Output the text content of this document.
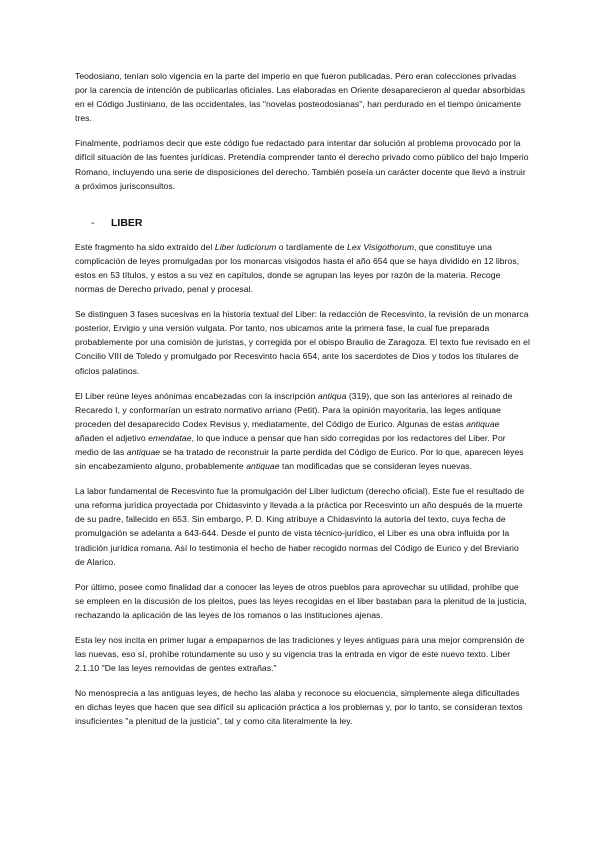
Teodosiano, tenían solo vigencia en la parte del imperio en que fueron publicadas. Pero eran colecciones privadas por la carencia de intención de publicarlas oficiales. Las elaboradas en Oriente desaparecieron al quedar absorbidas en el Código Justiniano, de las occidentales, las "novelas posteodosianas", han perdurado en el tiempo únicamente tres.

Finalmente, podríamos decir que este código fue redactado para intentar dar solución al problema provocado por la difícil situación de las fuentes jurídicas. Pretendía comprender tanto el derecho privado como público del bajo Imperio Romano, incluyendo una serie de disposiciones del derecho. También poseía un carácter docente que llevó a instruir a próximos jurisconsultos.

-	LIBER

Este fragmento ha sido extraído del Liber ludiciorum o tardíamente de Lex Visigothorum, que constituye una complicación de leyes promulgadas por los monarcas visigodos hasta el año 654 que se haya dividido en 12 libros, estos en 53 títulos, y estos a su vez en capítulos, donde se agrupan las leyes por razón de la materia. Recoge normas de Derecho privado, penal y procesal.

Se distinguen 3 fases sucesivas en la historia textual del Liber: la redacción de Recesvinto, la revisión de un monarca posterior, Ervigio y una versión vulgata. Por tanto, nos ubicamos ante la primera fase, la cual fue preparada probablemente por una comisión de juristas, y corregida por el obispo Braulio de Zaragoza. El texto fue revisado en el Concilio VIII de Toledo y promulgado por Recesvinto hacia 654, ante los sacerdotes de Dios y todos los titulares de oficios palatinos.

El Liber reúne leyes anónimas encabezadas con la inscripción antiqua (319), que son las anteriores al reinado de Recaredo I, y conformarían un estrato normativo arriano (Petit). Para la opinión mayoritaria, las leges antiquae proceden del desaparecido Codex Revisus y, mediatamente, del Código de Eurico. Algunas de estas antiquae añaden el adjetivo emendatae, lo que induce a pensar que han sido corregidas por los redactores del Liber. Por medio de las antiquae se ha tratado de reconstruir la parte perdida del Código de Eurico. Por lo que, aparecen leyes sin encabezamiento alguno, probablemente antiquae tan modificadas que se consideran leyes nuevas.

La labor fundamental de Recesvinto fue la promulgación del Liber ludictum (derecho oficial). Este fue el resultado de una reforma jurídica proyectada por Chidasvinto y llevada a la práctica por Recesvinto un año después de la muerte de su padre, fallecido en 653. Sin embargo, P. D. King atribuye a Chidasvinto la autoría del texto, cuya fecha de promulgación se adelanta a 643-644. Desde el punto de vista técnico-jurídico, el Liber es una obra influida por la tradición jurídica romana. Así lo testimonia el hecho de haber recogido normas del Código de Eurico y del Breviario de Alarico.

Por último, posee como finalidad dar a conocer las leyes de otros pueblos para aprovechar su utilidad, prohíbe que se empleen en la discusión de los pleitos, pues las leyes recogidas en el liber bastaban para la plenitud de la justicia, rechazando la aplicación de las leyes de los romanos o las instituciones ajenas.

Esta ley nos incita en primer lugar a empaparnos de las tradiciones y leyes antiguas para una mejor comprensión de las nuevas, eso sí, prohíbe rotundamente su uso y su vigencia tras la entrada en vigor de este nuevo texto. Liber 2.1.10 "De las leyes removidas de gentes extrañas."

No menosprecia a las antiguas leyes, de hecho las alaba y reconoce su elocuencia, simplemente alega dificultades en dichas leyes que hacen que sea difícil su aplicación práctica a los problemas y, por lo tanto, se consideran textos insuficientes "a plenitud de la justicia", tal y como cita literalmente la ley.
